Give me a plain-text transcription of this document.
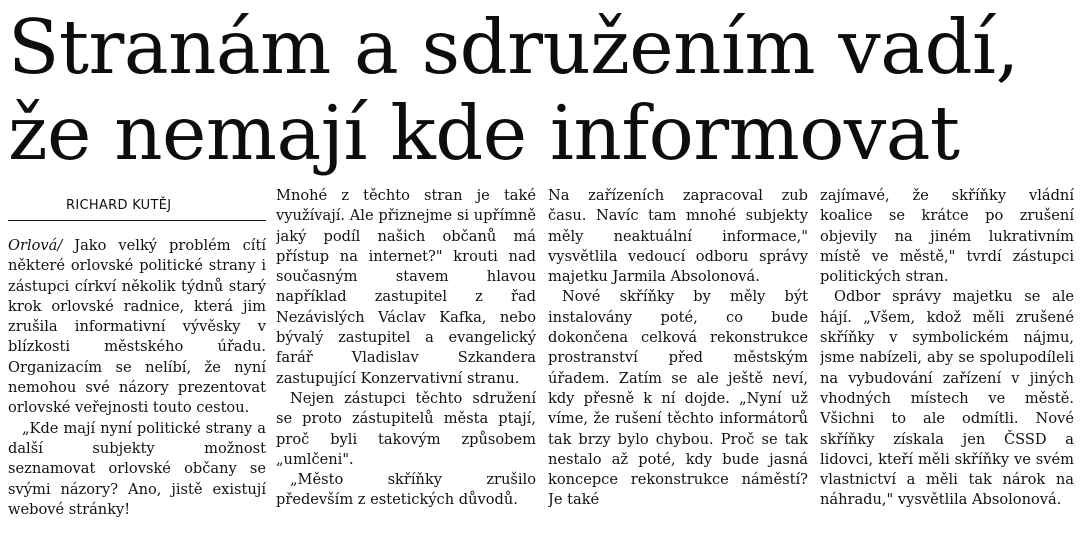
Stranám a sdružením vadí,
že nemají kde informovat
RICHARD KUTĚJ

Orlová/ Jako velký problém cítí některé orlovské politické strany i zástupci církví několik týdnů starý krok orlovské radnice, která jim zrušila informativní vývěsky v blízkosti městského úřadu. Organizacím se nelíbí, že nyní nemohou své názory prezentovat orlovské veřejnosti touto cestou.

„Kde mají nyní politické strany a další subjekty možnost seznamovat orlovské občany se svými názory? Ano, jistě existují webové stránky!

Mnohé z těchto stran je také využívají. Ale přiznejme si upřímně jaký podíl našich občanů má přístup na internet?" krouti nad současným stavem hlavou například zastupitel z řad Nezávislých Václav Kafka, nebo bývalý zastupitel a evangelický farář Vladislav Szkandera zastupující Konzervativní stranu.

Nejen zástupci těchto sdružení se proto zástupitelů města ptají, proč byli takovým způsobem „umlčeni".

„Město skříňky zrušilo především z estetických důvodů.

Na zařízeních zapracoval zub času. Navíc tam mnohé subjekty měly neaktuální informace," vysvětlila vedoucí odboru správy majetku Jarmila Absolonová.

Nové skříňky by měly být instalovány poté, co bude dokončena celková rekonstrukce prostranství před městským úřadem. Zatím se ale ještě neví, kdy přesně k ní dojde. „Nyní už víme, že rušení těchto informátorů tak brzy bylo chybou. Proč se tak nestalo až poté, kdy bude jasná koncepce rekonstrukce náměstí? Je také

zajímavé, že skříňky vládní koalice se krátce po zrušení objevily na jiném lukrativním místě ve městě," tvrdí zástupci politických stran.

Odbor správy majetku se ale hájí. „Všem, kdož měli zrušené skříňky v symbolickém nájmu, jsme nabízeli, aby se spolupodíleli na vybudování zařízení v jiných vhodných místech ve městě. Všichni to ale odmítli. Nové skříňky získala jen ČSSD a lidovci, kteří měli skříňky ve svém vlastnictví a měli tak nárok na náhradu," vysvětlila Absolonová.
